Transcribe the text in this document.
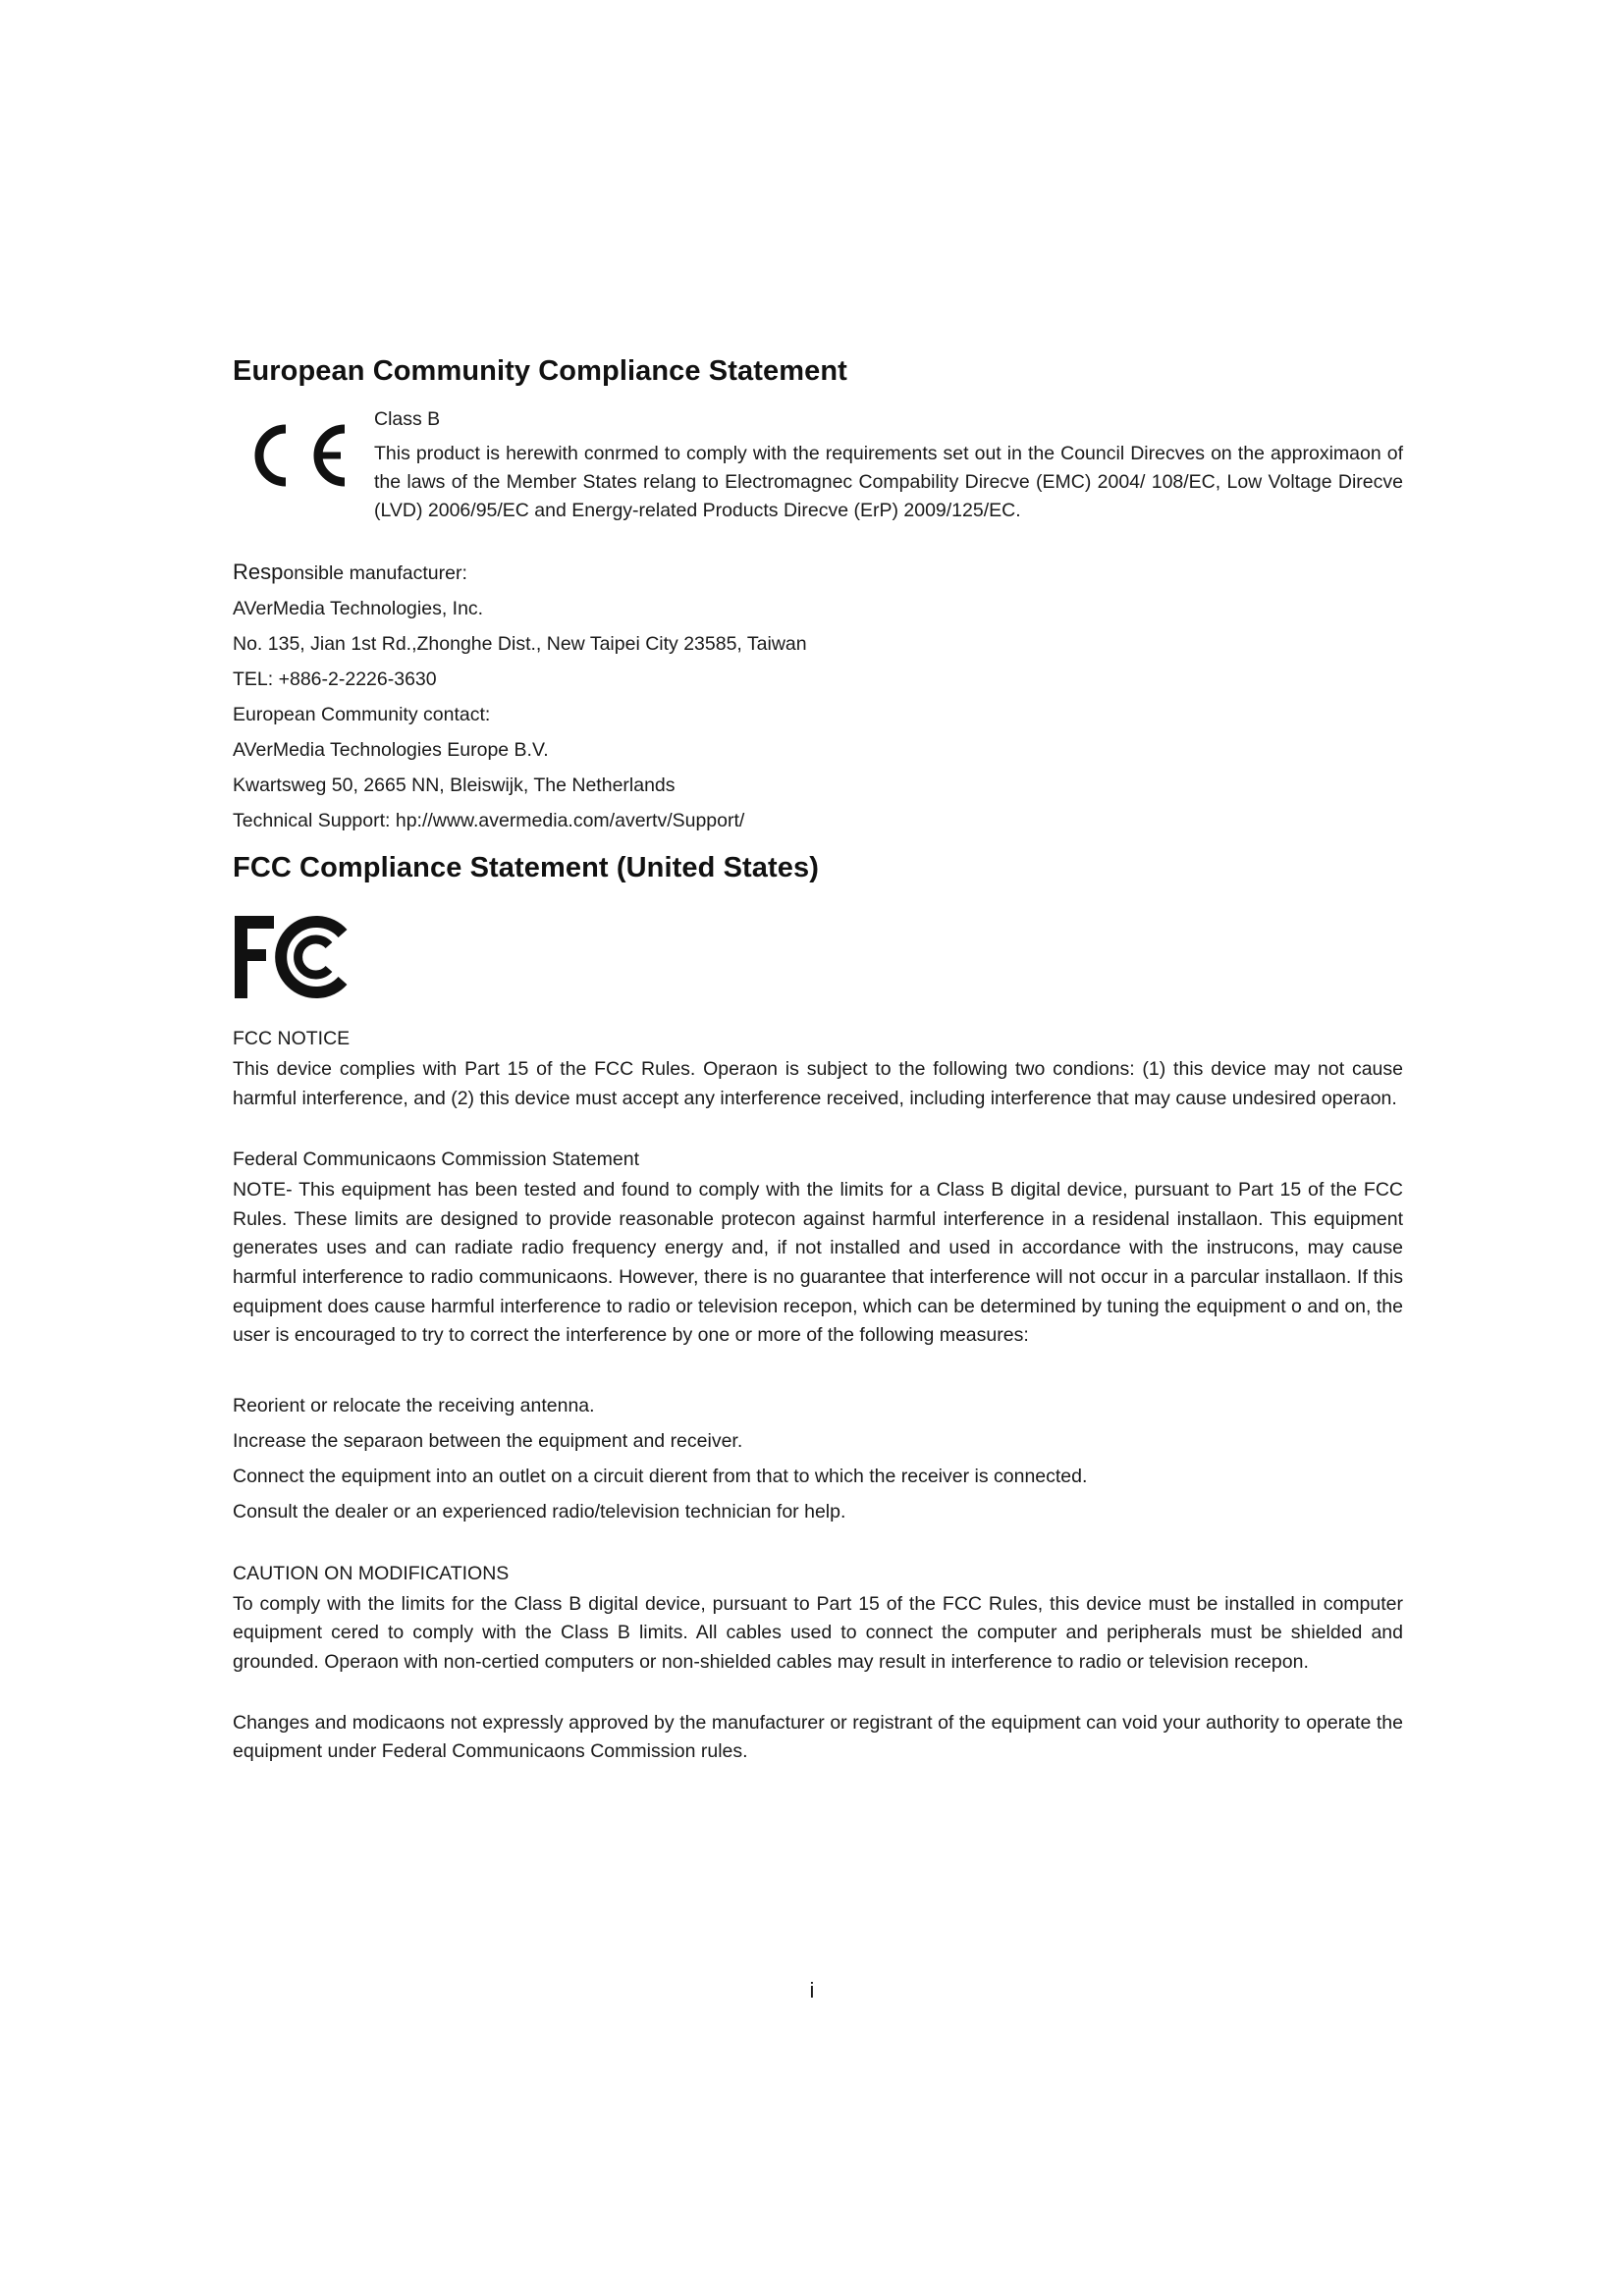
European Community Compliance Statement

Class B

This product is herewith conrmed to comply with the requirements set out in the Council Direcves on the approximaon of the laws of the Member States relang to Electromagnec Compability Direcve (EMC) 2004/ 108/EC, Low Voltage Direcve (LVD) 2006/95/EC and Energy-related Products Direcve (ErP) 2009/125/EC.

Responsible manufacturer:

AVerMedia Technologies, Inc.

No. 135, Jian 1st Rd.,Zhonghe Dist., New Taipei City 23585, Taiwan

TEL: +886-2-2226-3630

European Community contact:

AVerMedia Technologies Europe B.V.

Kwartsweg 50, 2665 NN, Bleiswijk, The Netherlands

Technical Support: hp://www.avermedia.com/avertv/Support/

FCC Compliance Statement (United States)

FCC NOTICE

This device complies with Part 15 of the FCC Rules. Operaon is subject to the following two condions: (1) this device may not cause harmful interference, and (2) this device must accept any interference received, including interference that may cause undesired operaon.

Federal Communicaons Commission Statement

NOTE- This equipment has been tested and found to comply with the limits for a Class B digital device, pursuant to Part 15 of the FCC Rules. These limits are designed to provide reasonable protecon against harmful interference in a residenal installaon. This equipment generates uses and can radiate radio frequency energy and, if not installed and used in accordance with the instrucons, may cause harmful interference to radio communicaons. However, there is no guarantee that interference will not occur in a parcular installaon. If this equipment does cause harmful interference to radio or television recepon, which can be determined by tuning the equipment o and on, the user is encouraged to try to correct the interference by one or more of the following measures:

Reorient or relocate the receiving antenna.

Increase the separaon between the equipment and receiver.

Connect the equipment into an outlet on a circuit dierent from that to which the receiver is connected.

Consult the dealer or an experienced radio/television technician for help.

CAUTION ON MODIFICATIONS

To comply with the limits for the Class B digital device, pursuant to Part 15 of the FCC Rules, this device must be installed in computer equipment cered to comply with the Class B limits. All cables used to connect the computer and peripherals must be shielded and grounded. Operaon with non-certied computers or non-shielded cables may result in interference to radio or television recepon.

Changes and modicaons not expressly approved by the manufacturer or registrant of the equipment can void your authority to operate the equipment under Federal Communicaons Commission rules.

i
